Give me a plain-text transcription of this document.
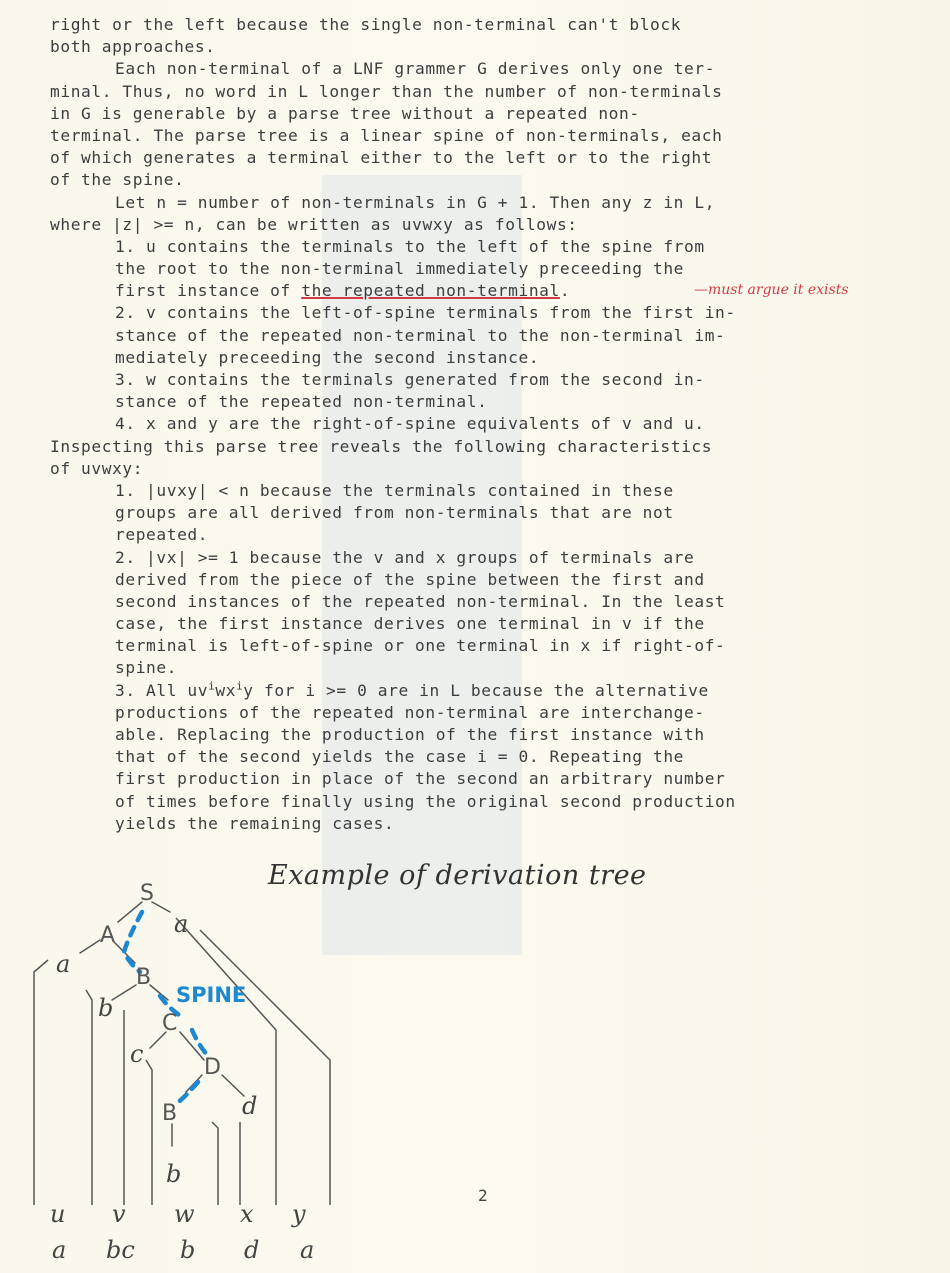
right or the left because the single non-terminal can't block
both approaches.
Each non-terminal of a LNF grammer G derives only one ter-
minal. Thus, no word in L longer than the number of non-terminals
in G is generable by a parse tree without a repeated non-
terminal. The parse tree is a linear spine of non-terminals, each
of which generates a terminal either to the left or to the right
of the spine.
Let n = number of non-terminals in G + 1. Then any z in L,
where |z| >= n, can be written as uvwxy as follows:
1. u contains the terminals to the left of the spine from
the root to the non-terminal immediately preceeding the
first instance of the repeated non-terminal.
2. v contains the left-of-spine terminals from the first in-
stance of the repeated non-terminal to the non-terminal im-
mediately preceeding the second instance.
3. w contains the terminals generated from the second in-
stance of the repeated non-terminal.
4. x and y are the right-of-spine equivalents of v and u.
Inspecting this parse tree reveals the following characteristics
of uvwxy:
1. |uvxy| < n because the terminals contained in these
groups are all derived from non-terminals that are not
repeated.
2. |vx| >= 1 because the v and x groups of terminals are
derived from the piece of the spine between the first and
second instances of the repeated non-terminal. In the least
case, the first instance derives one terminal in v if the
terminal is left-of-spine or one terminal in x if right-of-
spine.
3. All $uv^iwx^iy$ for i >= 0 are in L because the alternative
productions of the repeated non-terminal are interchange-
able. Replacing the production of the first instance with
that of the second yields the case i = 0. Repeating the
first production in place of the second an arbitrary number
of times before finally using the original second production
yields the remaining cases.
—must argue it exists
Example of derivation tree
SPINE
S
a
A
a	B
b
C
c	D
B	d
b
u v w x y
a bc b d a
2
